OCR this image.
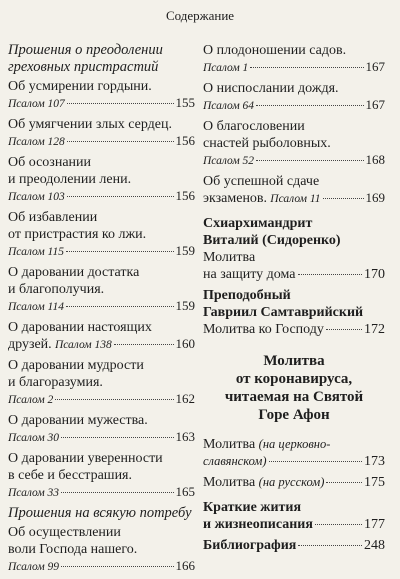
Содержание
Прошения о преодолении
греховных пристрастий
Об усмирении гордыни.
Псалом 107	155
Об умягчении злых сердец.
Псалом 128	156
Об осознании
и преодолении лени.
Псалом 103	156
Об избавлении
от пристрастия ко лжи.
Псалом 115	159
О даровании достатка
и благополучия.
Псалом 114	159
О даровании настоящих
друзей.
Псалом 138	160
О даровании мудрости
и благоразумия.
Псалом 2	162
О даровании мужества.
Псалом 30	163
О даровании уверенности
в себе и бесстрашия.
Псалом 33	165
Прошения на всякую потребу
Об осуществлении
воли Господа нашего.
Псалом 99	166
О плодоношении садов.
Псалом 1	167
О ниспослании дождя.
Псалом 64	167
О благословении
снастей рыболовных.
Псалом 52	168
Об успешной сдаче
экзаменов.
Псалом 11	169
Схиархимандрит
Виталий (Сидоренко)
Молитва
на защиту дома	170
Преподобный
Гавриил Самтаврийский
Молитва ко Господу	172
Молитва
от коронавируса,
читаемая на Святой
Горе Афон
Молитва (на церковно-
славянском)	173
Молитва
(на русском)	175
Краткие жития
и жизнеописания	177
Библиография	248
